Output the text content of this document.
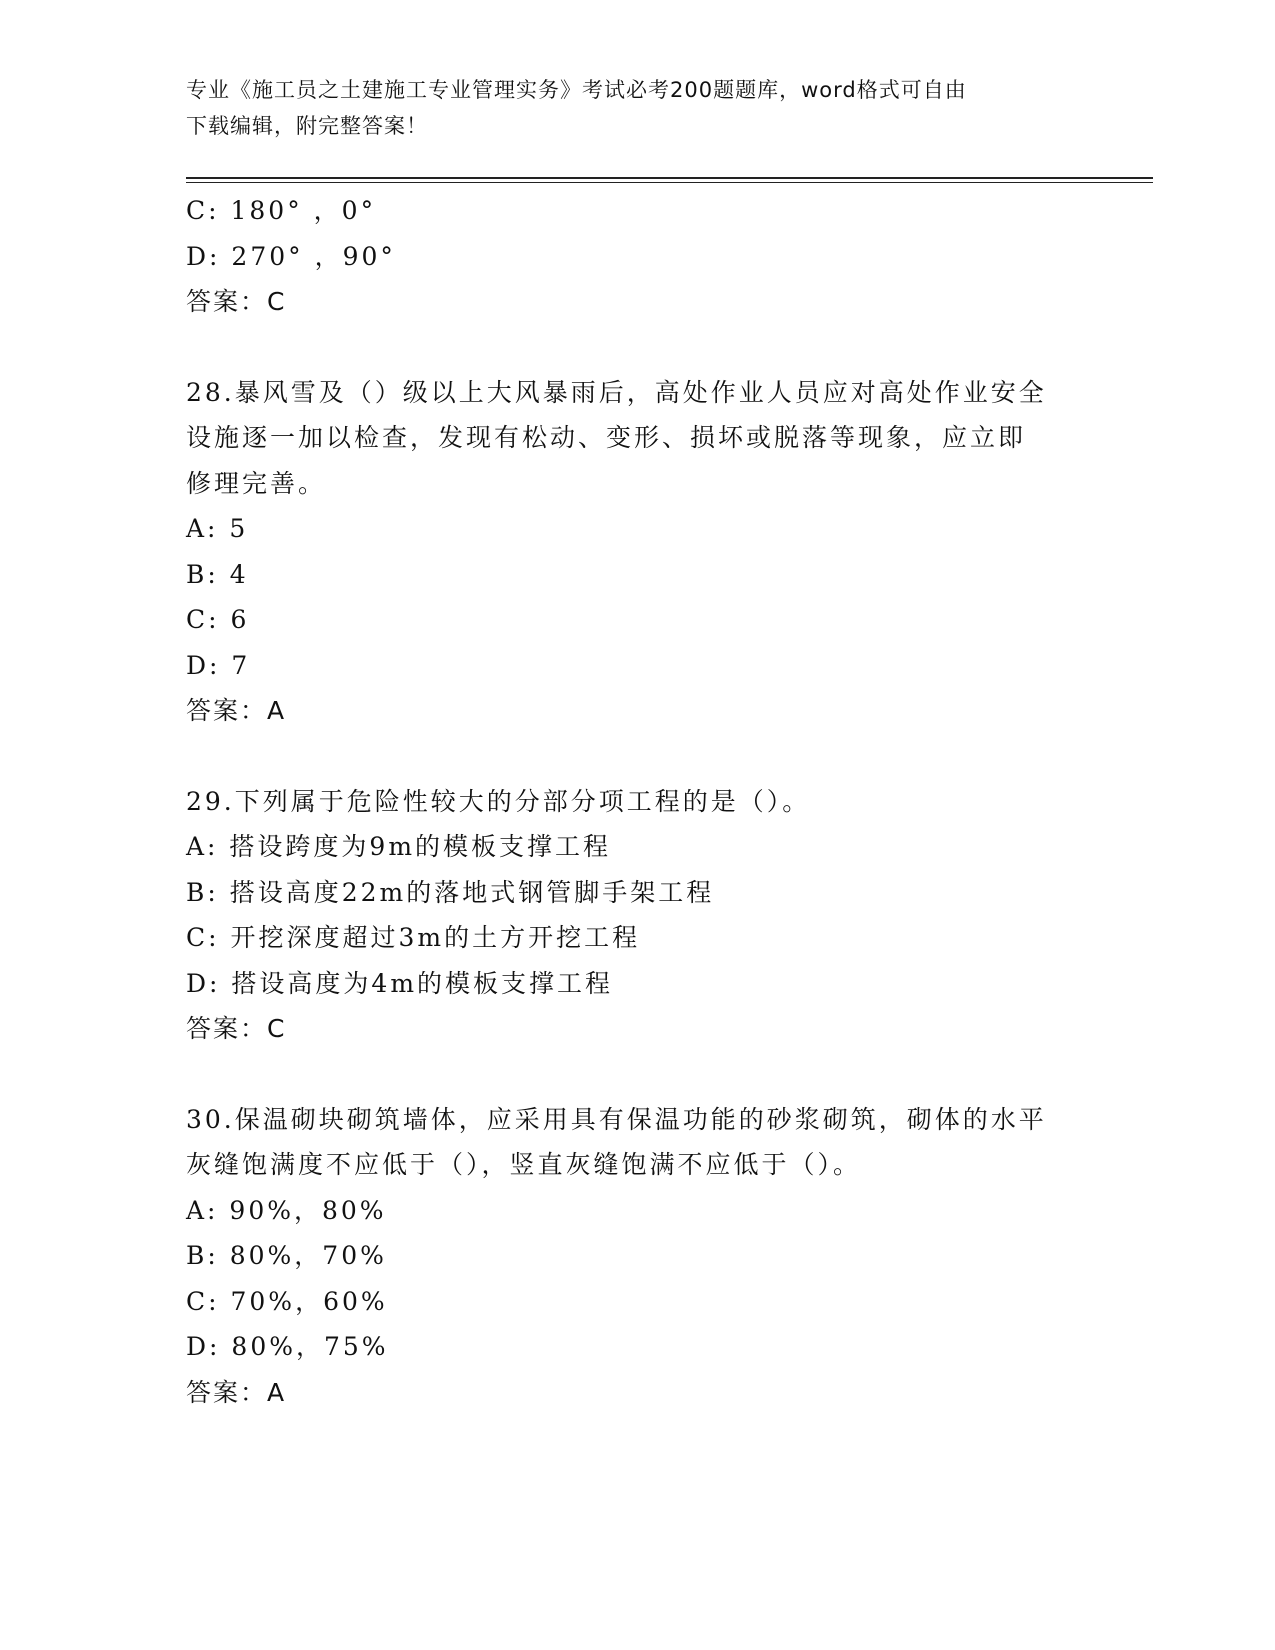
专业《施工员之土建施工专业管理实务》考试必考200题题库，word格式可自由
下载编辑，附完整答案！
C: 180° ，0°
D: 270° ，90°
答案：C
28.暴风雪及（）级以上大风暴雨后，高处作业人员应对高处作业安全
设施逐一加以检查，发现有松动、变形、损坏或脱落等现象，应立即
修理完善。
A: 5
B: 4
C: 6
D: 7
答案：A
29.下列属于危险性较大的分部分项工程的是（）。
A: 搭设跨度为9m的模板支撑工程
B: 搭设高度22m的落地式钢管脚手架工程
C: 开挖深度超过3m的土方开挖工程
D: 搭设高度为4m的模板支撑工程
答案：C
30.保温砌块砌筑墙体，应采用具有保温功能的砂浆砌筑，砌体的水平
灰缝饱满度不应低于（），竖直灰缝饱满不应低于（）。
A: 90%，80%
B: 80%，70%
C: 70%，60%
D: 80%，75%
答案：A
